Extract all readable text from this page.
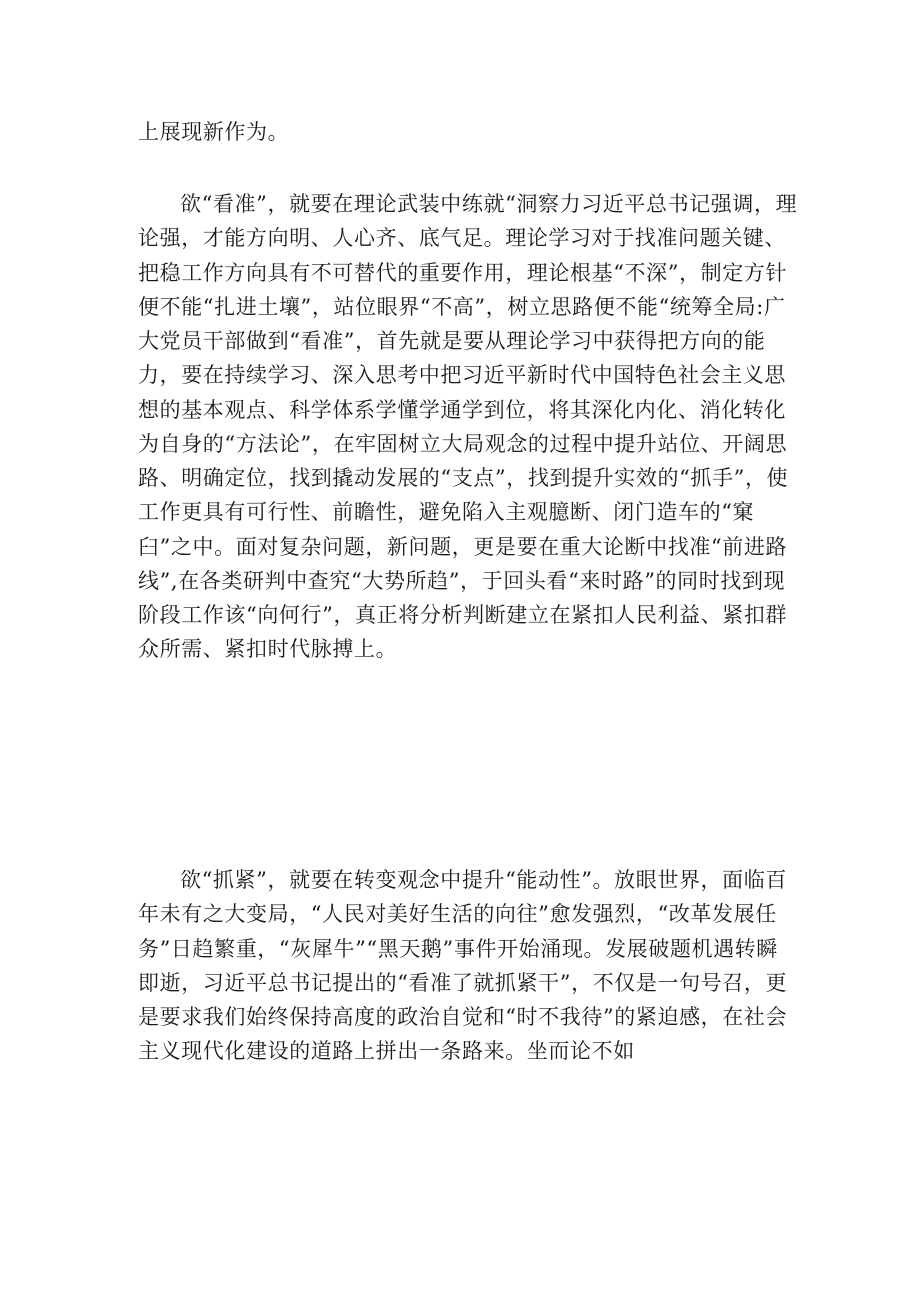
上展现新作为。

欲“看准”，就要在理论武装中练就“洞察力习近平总书记强调，理论强，才能方向明、人心齐、底气足。理论学习对于找准问题关键、把稳工作方向具有不可替代的重要作用，理论根基“不深”，制定方针便不能“扎进土壤”，站位眼界“不高”，树立思路便不能“统筹全局:广大党员干部做到“看准”，首先就是要从理论学习中获得把方向的能力，要在持续学习、深入思考中把习近平新时代中国特色社会主义思想的基本观点、科学体系学懂学通学到位，将其深化内化、消化转化为自身的“方法论”，在牢固树立大局观念的过程中提升站位、开阔思路、明确定位，找到撬动发展的“支点”，找到提升实效的“抓手”，使工作更具有可行性、前瞻性，避免陷入主观臆断、闭门造车的“窠臼”之中。面对复杂问题，新问题，更是要在重大论断中找准“前进路线”,在各类研判中查究“大势所趋”，于回头看“来时路”的同时找到现阶段工作该“向何行”，真正将分析判断建立在紧扣人民利益、紧扣群众所需、紧扣时代脉搏上。

欲“抓紧”，就要在转变观念中提升“能动性”。放眼世界，面临百年未有之大变局，“人民对美好生活的向往”愈发强烈，“改革发展任务”日趋繁重，“灰犀牛”“黑天鹅”事件开始涌现。发展破题机遇转瞬即逝，习近平总书记提出的“看准了就抓紧干”，不仅是一句号召，更是要求我们始终保持高度的政治自觉和“时不我待”的紧迫感，在社会主义现代化建设的道路上拼出一条路来。坐而论不如
